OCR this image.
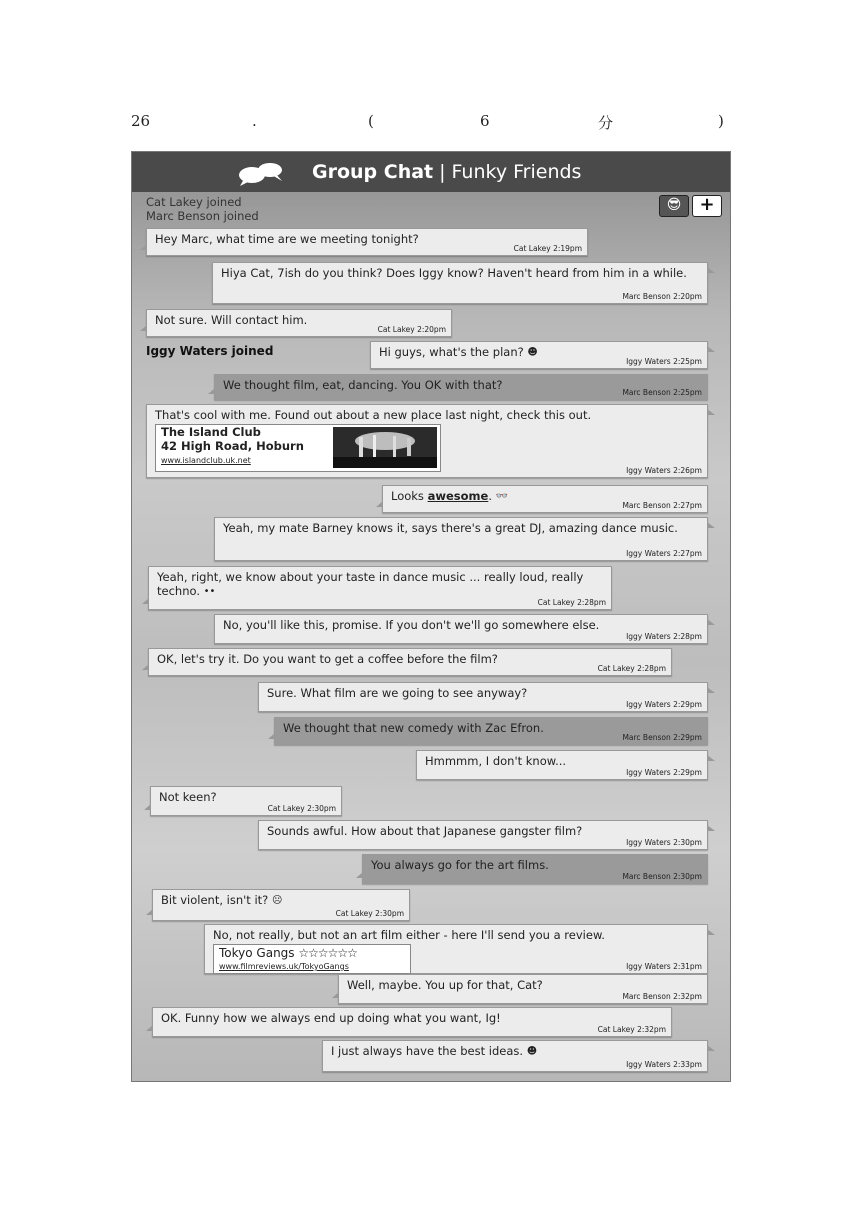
26	.	(	6	分	)
Group Chat | Funky Friends
Cat Lakey joined
Marc Benson joined
😎 +
Hey Marc, what time are we meeting tonight?
Cat Lakey 2:19pm
Hiya Cat, 7ish do you think? Does Iggy know? Haven't heard from him in a while.
Marc Benson 2:20pm
Not sure. Will contact him.
Cat Lakey 2:20pm
Iggy Waters joined	Hi guys, what's the plan? ☻
Iggy Waters 2:25pm
We thought film, eat, dancing. You OK with that?
Marc Benson 2:25pm
That's cool with me. Found out about a new place last night, check this out.
The Island Club
42 High Road, Hoburn
www.islandclub.uk.net
Iggy Waters 2:26pm
Looks awesome. 👓
Marc Benson 2:27pm
Yeah, my mate Barney knows it, says there's a great DJ, amazing dance music.
Iggy Waters 2:27pm
Yeah, right, we know about your taste in dance music ... really loud, really techno. ••
Cat Lakey 2:28pm
No, you'll like this, promise. If you don't we'll go somewhere else.
Iggy Waters 2:28pm
OK, let's try it. Do you want to get a coffee before the film?
Cat Lakey 2:28pm
Sure. What film are we going to see anyway?
Iggy Waters 2:29pm
We thought that new comedy with Zac Efron.
Marc Benson 2:29pm
Hmmmm, I don't know...
Iggy Waters 2:29pm
Not keen?
Cat Lakey 2:30pm
Sounds awful. How about that Japanese gangster film?
Iggy Waters 2:30pm
You always go for the art films.
Marc Benson 2:30pm
Bit violent, isn't it? ☹
Cat Lakey 2:30pm
No, not really, but not an art film either - here I'll send you a review.
Tokyo Gangs ☆☆☆☆☆☆
www.filmreviews.uk/TokyoGangs	Iggy Waters 2:31pm
Well, maybe. You up for that, Cat?
Marc Benson 2:32pm
OK. Funny how we always end up doing what you want, Ig!
Cat Lakey 2:32pm
I just always have the best ideas. ☻
Iggy Waters 2:33pm
